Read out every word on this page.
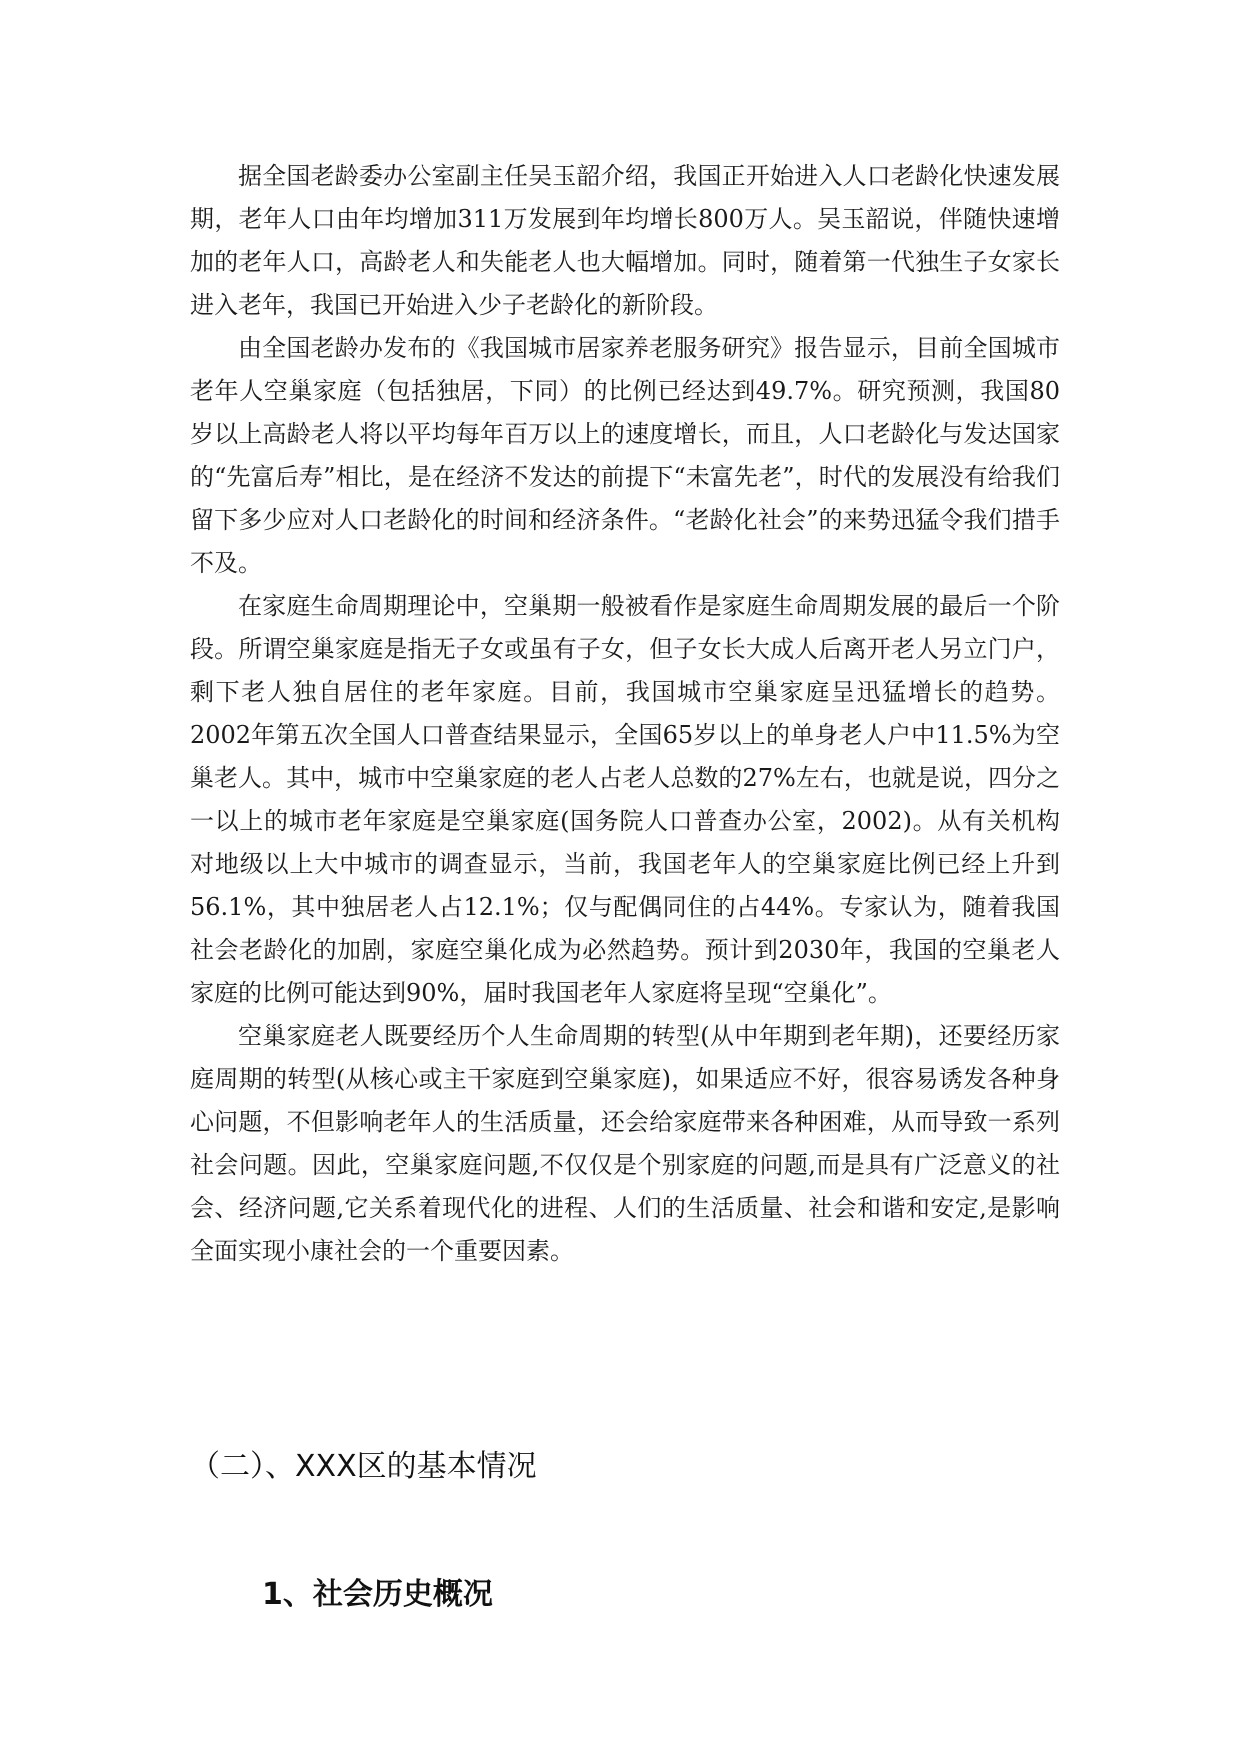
据全国老龄委办公室副主任吴玉韶介绍，我国正开始进入人口老龄化快速发展期，老年人口由年均增加311万发展到年均增长800万人。吴玉韶说，伴随快速增加的老年人口，高龄老人和失能老人也大幅增加。同时，随着第一代独生子女家长进入老年，我国已开始进入少子老龄化的新阶段。

由全国老龄办发布的《我国城市居家养老服务研究》报告显示，目前全国城市老年人空巢家庭（包括独居，下同）的比例已经达到49.7%。研究预测，我国80岁以上高龄老人将以平均每年百万以上的速度增长，而且，人口老龄化与发达国家的“先富后寿”相比，是在经济不发达的前提下“未富先老”，时代的发展没有给我们留下多少应对人口老龄化的时间和经济条件。“老龄化社会”的来势迅猛令我们措手不及。

在家庭生命周期理论中，空巢期一般被看作是家庭生命周期发展的最后一个阶段。所谓空巢家庭是指无子女或虽有子女，但子女长大成人后离开老人另立门户，剩下老人独自居住的老年家庭。目前，我国城市空巢家庭呈迅猛增长的趋势。2002年第五次全国人口普查结果显示，全国65岁以上的单身老人户中11.5%为空巢老人。其中，城市中空巢家庭的老人占老人总数的27%左右，也就是说，四分之一以上的城市老年家庭是空巢家庭(国务院人口普查办公室，2002)。从有关机构对地级以上大中城市的调查显示，当前，我国老年人的空巢家庭比例已经上升到56.1%，其中独居老人占12.1%；仅与配偶同住的占44%。专家认为，随着我国社会老龄化的加剧，家庭空巢化成为必然趋势。预计到2030年，我国的空巢老人家庭的比例可能达到90%，届时我国老年人家庭将呈现“空巢化”。

空巢家庭老人既要经历个人生命周期的转型(从中年期到老年期)，还要经历家庭周期的转型(从核心或主干家庭到空巢家庭)，如果适应不好，很容易诱发各种身心问题，不但影响老年人的生活质量，还会给家庭带来各种困难，从而导致一系列社会问题。因此，空巢家庭问题,不仅仅是个别家庭的问题,而是具有广泛意义的社会、经济问题,它关系着现代化的进程、人们的生活质量、社会和谐和安定,是影响全面实现小康社会的一个重要因素。

（二）、XXX区的基本情况
1、社会历史概况
